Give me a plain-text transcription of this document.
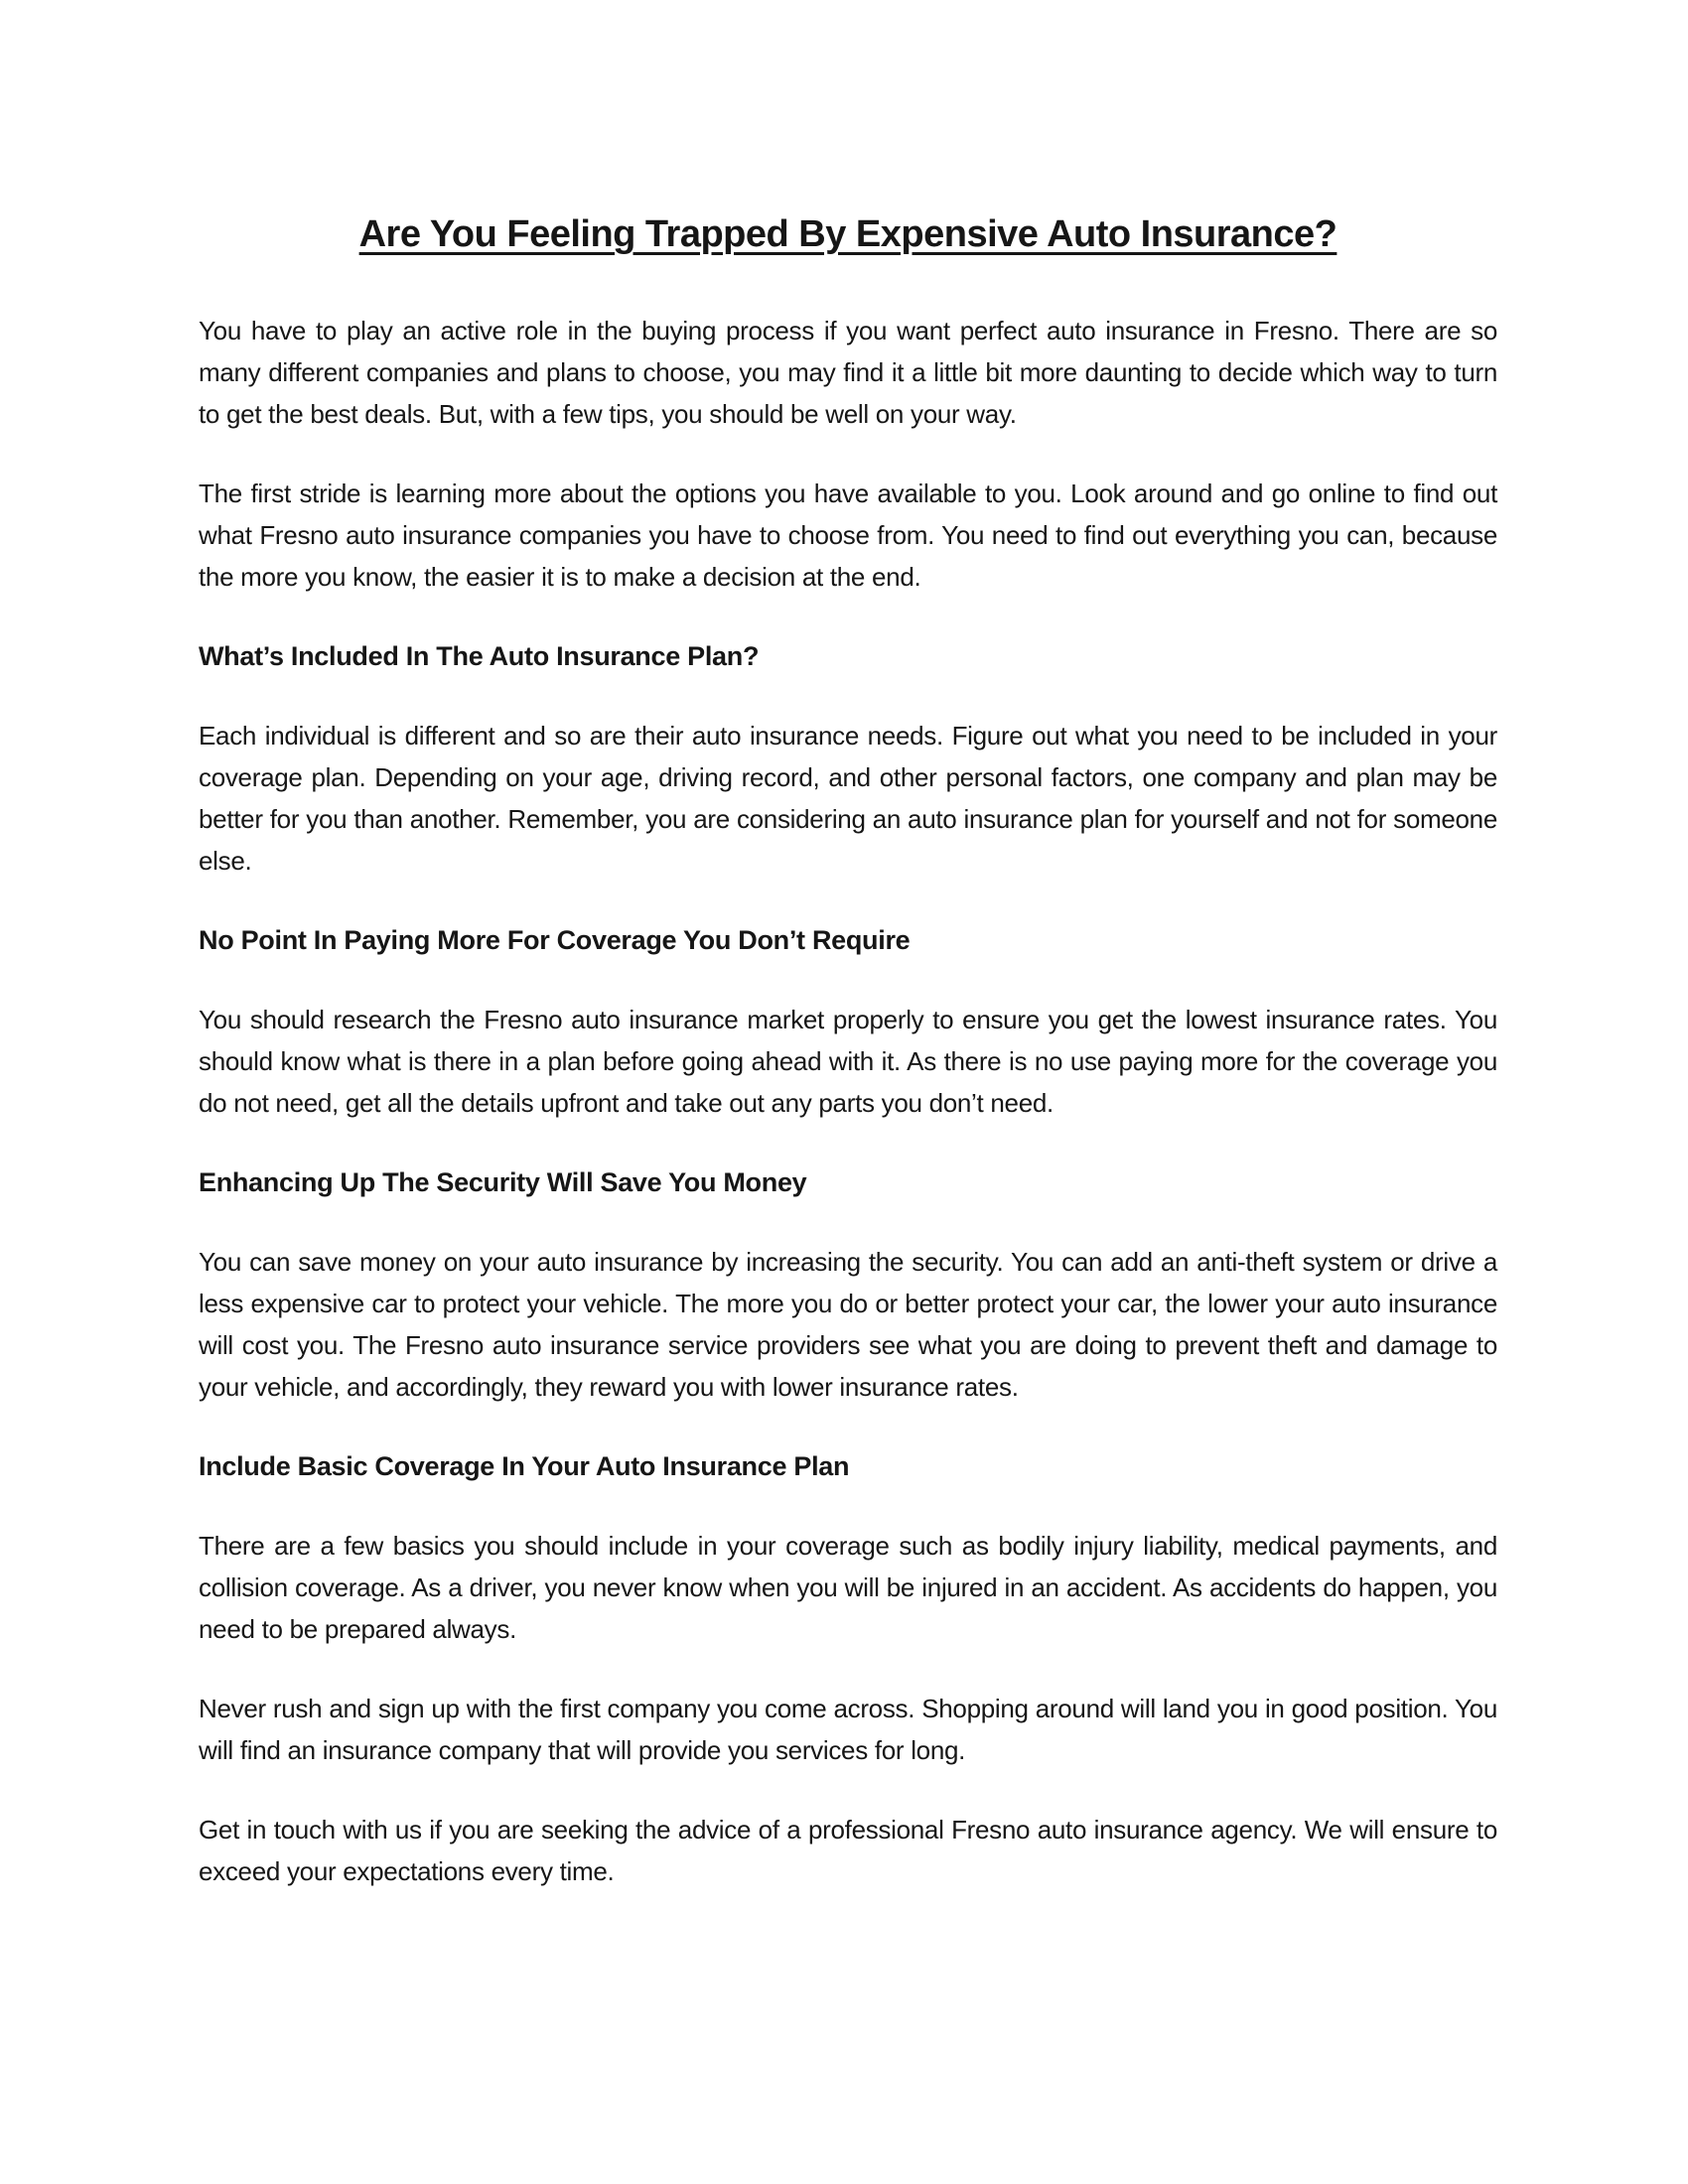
Are You Feeling Trapped By Expensive Auto Insurance?

You have to play an active role in the buying process if you want perfect auto insurance in Fresno. There are so many different companies and plans to choose, you may find it a little bit more daunting to decide which way to turn to get the best deals. But, with a few tips, you should be well on your way.

The first stride is learning more about the options you have available to you. Look around and go online to find out what Fresno auto insurance companies you have to choose from. You need to find out everything you can, because the more you know, the easier it is to make a decision at the end.

What’s Included In The Auto Insurance Plan?

Each individual is different and so are their auto insurance needs. Figure out what you need to be included in your coverage plan. Depending on your age, driving record, and other personal factors, one company and plan may be better for you than another. Remember, you are considering an auto insurance plan for yourself and not for someone else.

No Point In Paying More For Coverage You Don’t Require

You should research the Fresno auto insurance market properly to ensure you get the lowest insurance rates. You should know what is there in a plan before going ahead with it. As there is no use paying more for the coverage you do not need, get all the details upfront and take out any parts you don’t need.

Enhancing Up The Security Will Save You Money

You can save money on your auto insurance by increasing the security. You can add an anti-theft system or drive a less expensive car to protect your vehicle. The more you do or better protect your car, the lower your auto insurance will cost you. The Fresno auto insurance service providers see what you are doing to prevent theft and damage to your vehicle, and accordingly, they reward you with lower insurance rates.

Include Basic Coverage In Your Auto Insurance Plan

There are a few basics you should include in your coverage such as bodily injury liability, medical payments, and collision coverage. As a driver, you never know when you will be injured in an accident. As accidents do happen, you need to be prepared always.

Never rush and sign up with the first company you come across. Shopping around will land you in good position. You will find an insurance company that will provide you services for long.

Get in touch with us if you are seeking the advice of a professional Fresno auto insurance agency. We will ensure to exceed your expectations every time.
